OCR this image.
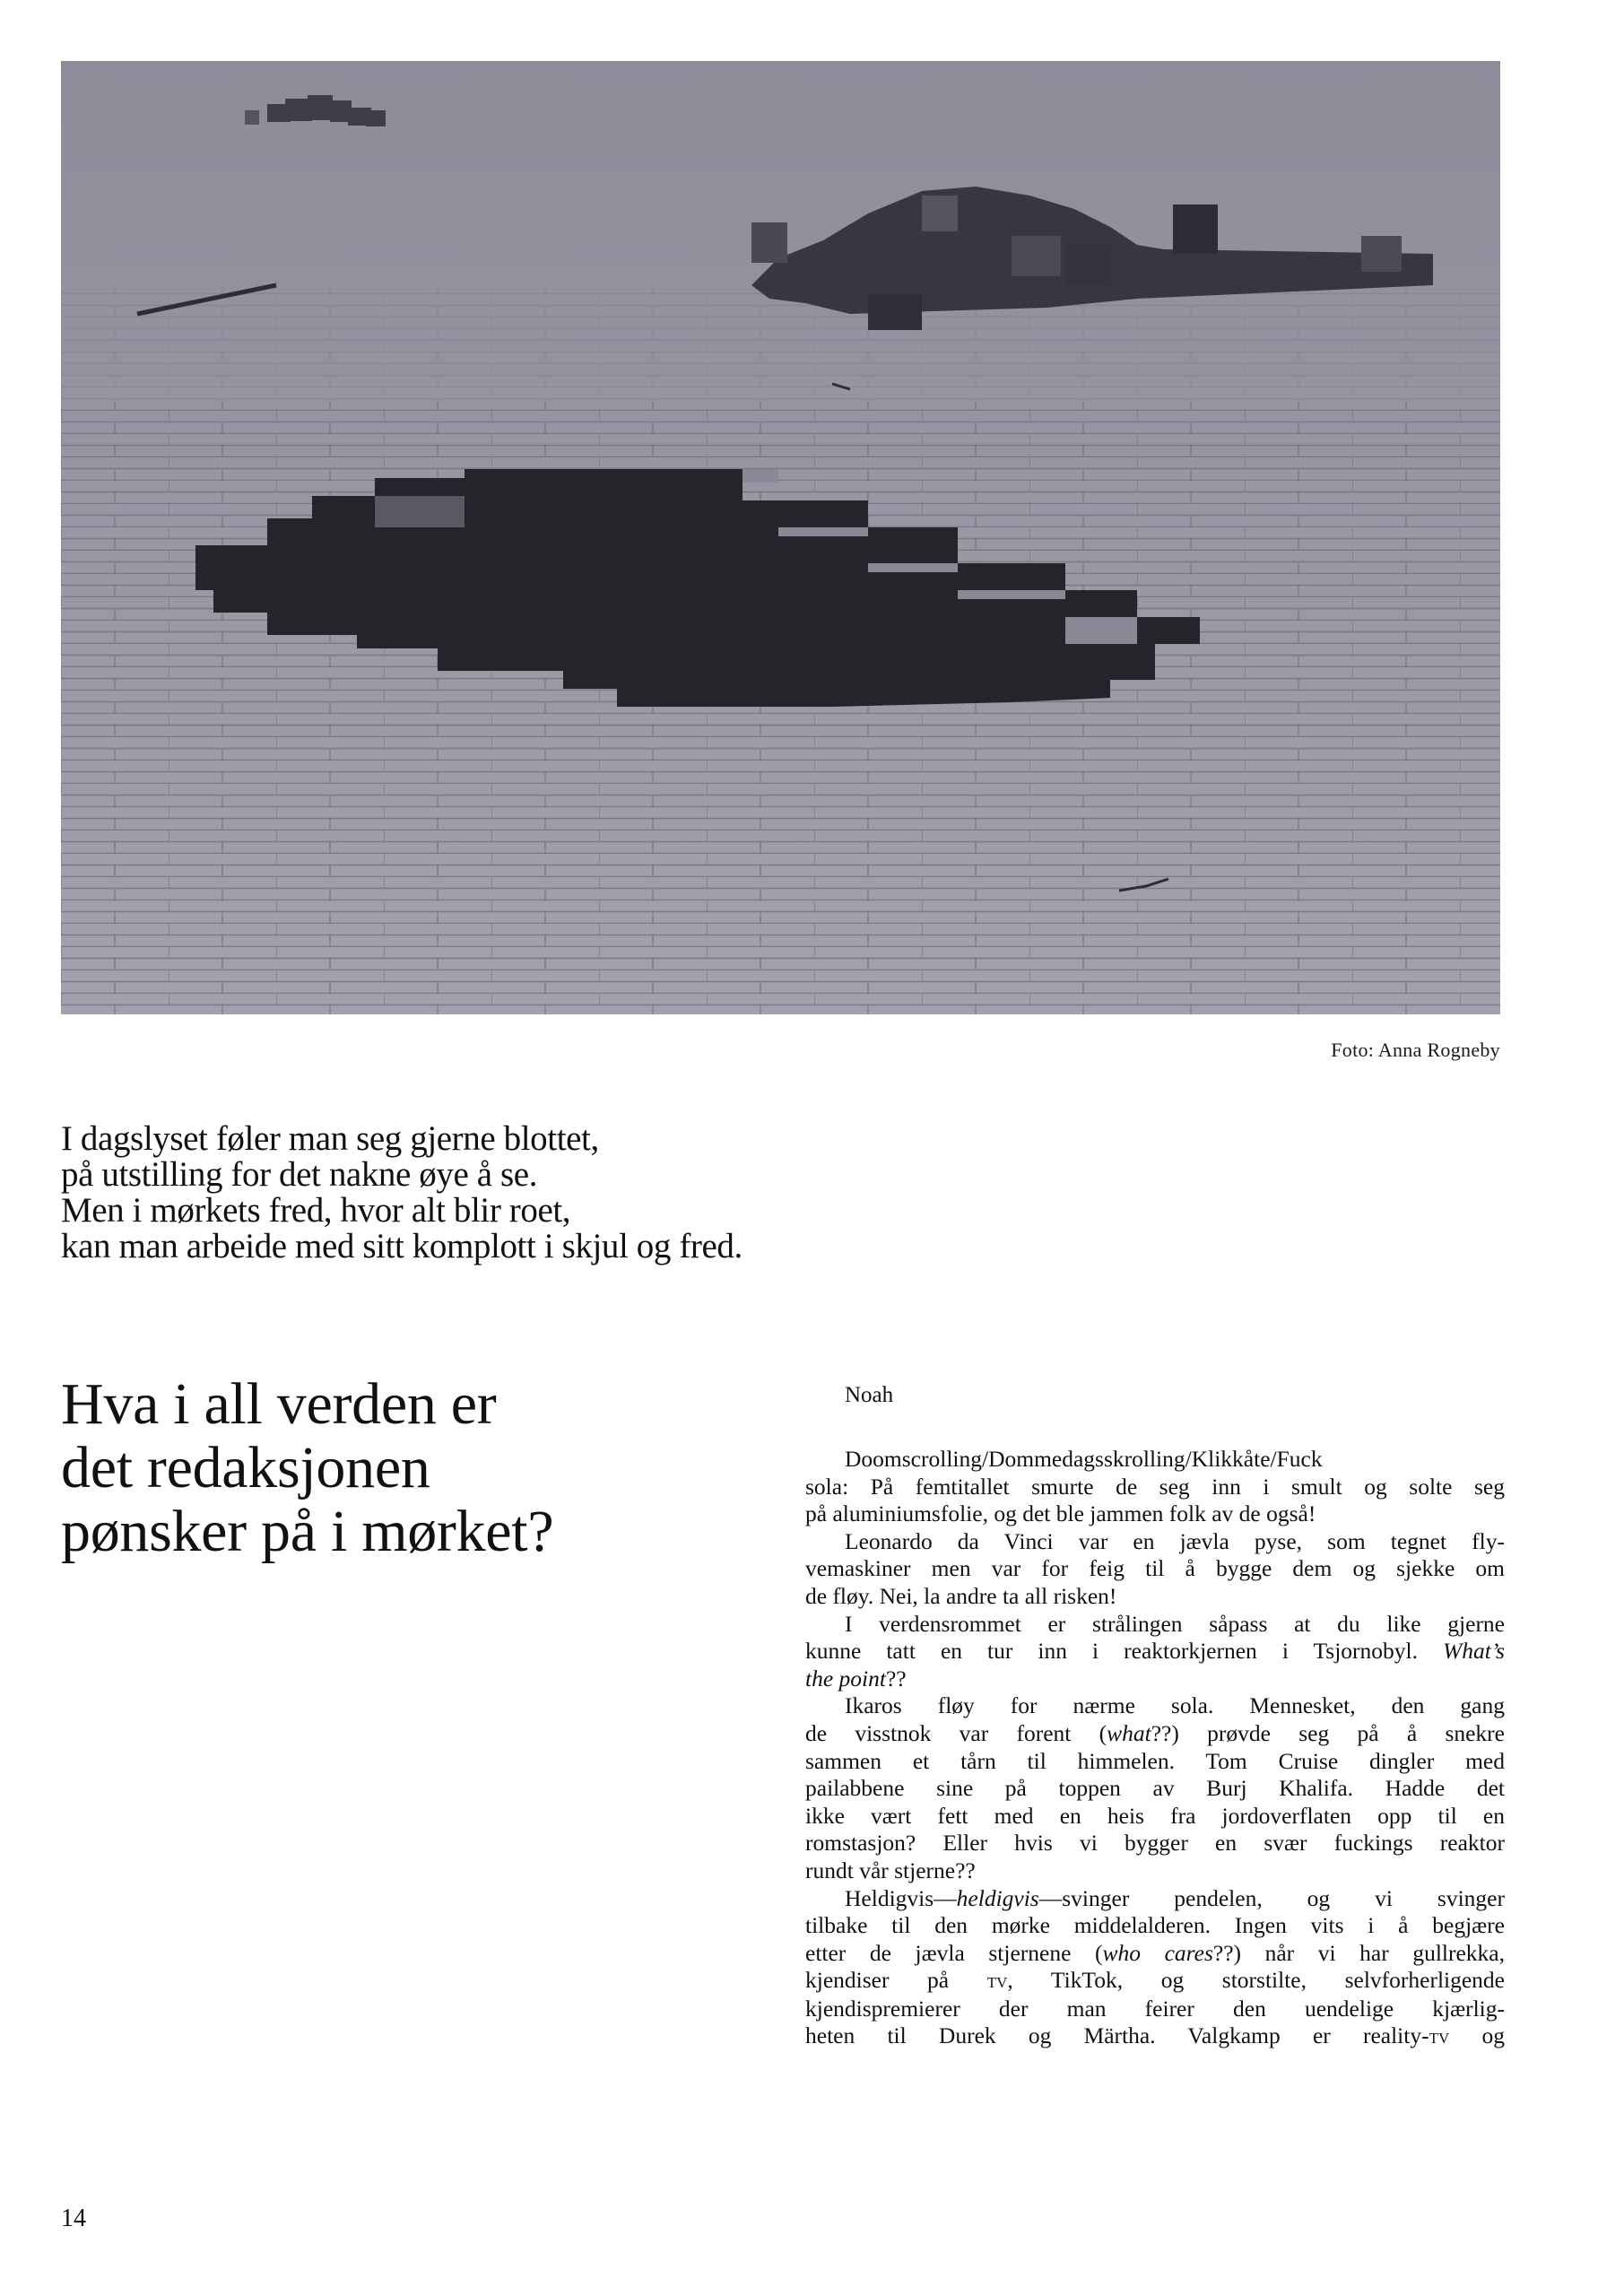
Foto: Anna Rogneby
I dagslyset føler man seg gjerne blottet,
på utstilling for det nakne øye å se.
Men i mørkets fred, hvor alt blir roet,
kan man arbeide med sitt komplott i skjul og fred.
Hva i all verden er
det redaksjonen
pønsker på i mørket?
Noah

Doomscrolling/Dommedagsskrolling/Klikkåte/Fuck
sola: På femtitallet smurte de seg inn i smult og solte seg
på aluminiumsfolie, og det ble jammen folk av de også!

Leonardo da Vinci var en jævla pyse, som tegnet fly-
vemaskiner men var for feig til å bygge dem og sjekke om
de fløy. Nei, la andre ta all risken!

I verdensrommet er strålingen såpass at du like gjerne
kunne tatt en tur inn i reaktorkjernen i Tsjornobyl. What’s
the point??

Ikaros fløy for nærme sola. Mennesket, den gang
de visstnok var forent (what??) prøvde seg på å snekre
sammen et tårn til himmelen. Tom Cruise dingler med
pailabbene sine på toppen av Burj Khalifa. Hadde det
ikke vært fett med en heis fra jordoverflaten opp til en
romstasjon? Eller hvis vi bygger en svær fuckings reaktor
rundt vår stjerne??

Heldigvis—heldigvis—svinger pendelen, og vi svinger
tilbake til den mørke middelalderen. Ingen vits i å begjære
etter de jævla stjernene (who cares??) når vi har gullrekka,
kjendiser på tv, TikTok, og storstilte, selvforherligende
kjendispremierer der man feirer den uendelige kjærlig-
heten til Durek og Märtha. Valgkamp er reality-tv og

14
